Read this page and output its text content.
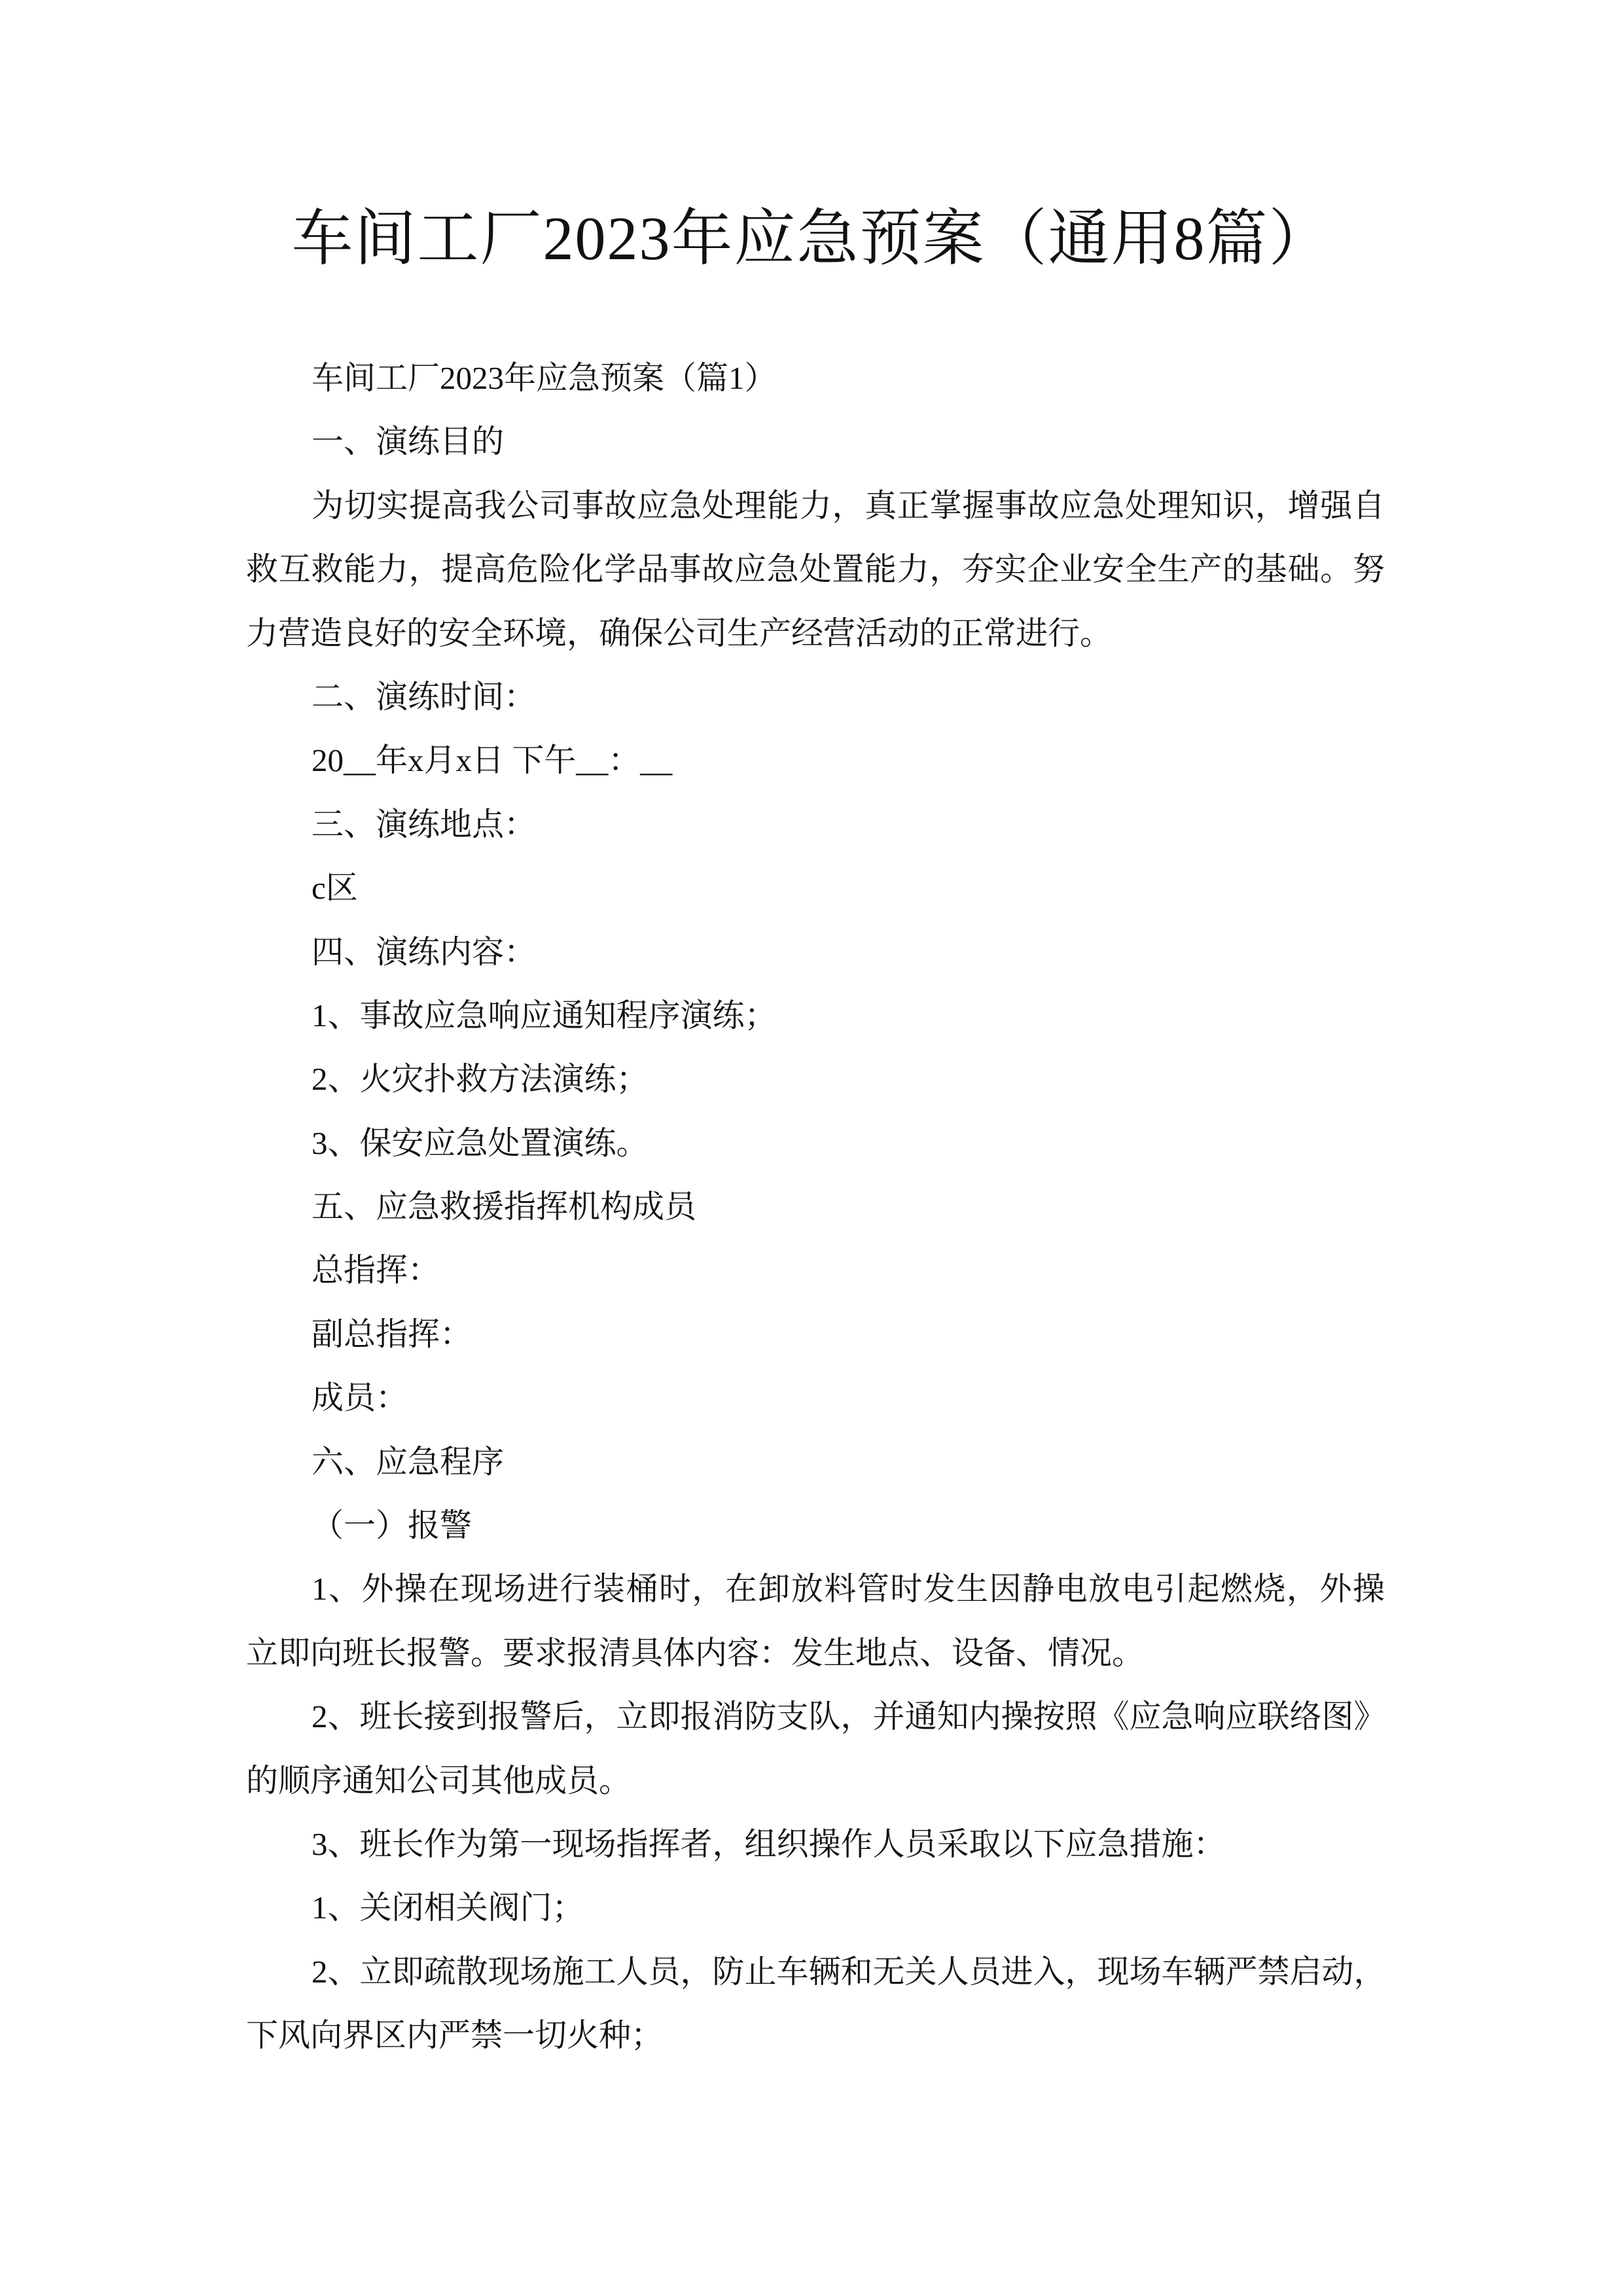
车间工厂2023年应急预案（通用8篇）
车间工厂2023年应急预案（篇1）
一、演练目的
为切实提高我公司事故应急处理能力，真正掌握事故应急处理知识，增强自
救互救能力，提高危险化学品事故应急处置能力，夯实企业安全生产的基础。努
力营造良好的安全环境，确保公司生产经营活动的正常进行。
二、演练时间：
20__年x月x日 下午__：__
三、演练地点：
c区
四、演练内容：
1、事故应急响应通知程序演练；
2、火灾扑救方法演练；
3、保安应急处置演练。
五、应急救援指挥机构成员
总指挥：
副总指挥：
成员：
六、应急程序
（一）报警
1、外操在现场进行装桶时，在卸放料管时发生因静电放电引起燃烧，外操
立即向班长报警。要求报清具体内容：发生地点、设备、情况。
2、班长接到报警后，立即报消防支队，并通知内操按照《应急响应联络图》
的顺序通知公司其他成员。
3、班长作为第一现场指挥者，组织操作人员采取以下应急措施：
1、关闭相关阀门；
2、立即疏散现场施工人员，防止车辆和无关人员进入，现场车辆严禁启动，
下风向界区内严禁一切火种；
